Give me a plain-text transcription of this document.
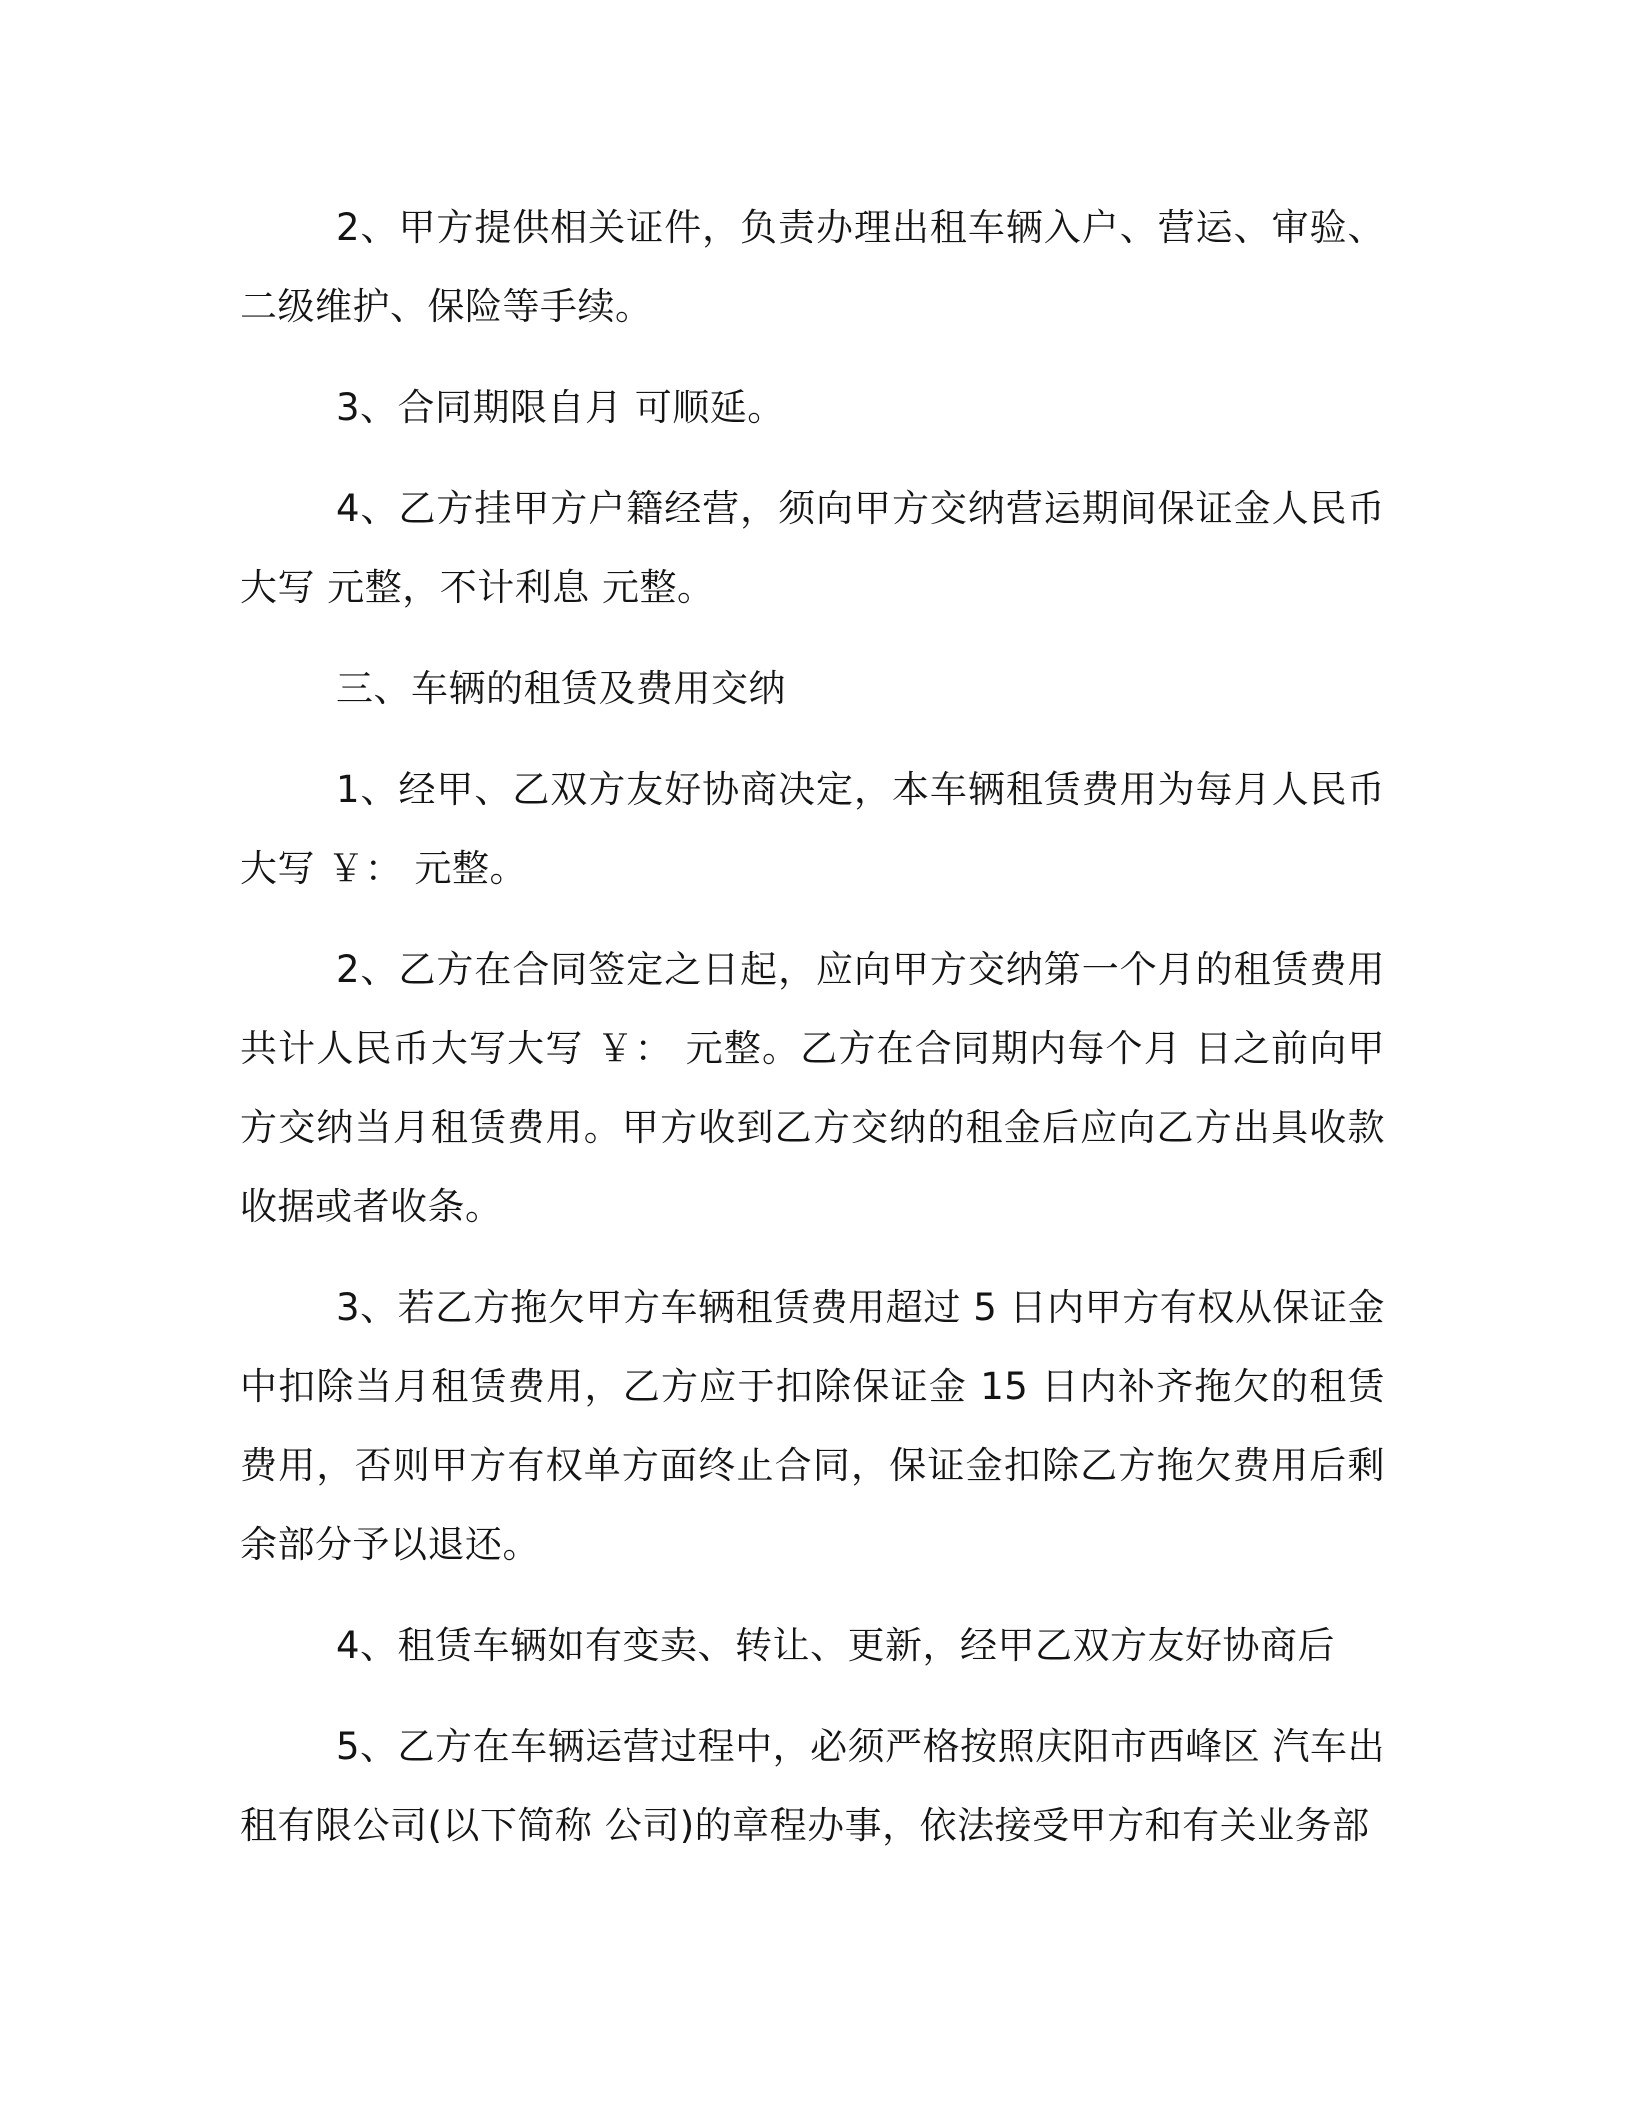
2、甲方提供相关证件，负责办理出租车辆入户、营运、审验、二级维护、保险等手续。

3、合同期限自月 可顺延。

4、乙方挂甲方户籍经营，须向甲方交纳营运期间保证金人民币大写 元整，不计利息 元整。

三、车辆的租赁及费用交纳

1、经甲、乙双方友好协商决定，本车辆租赁费用为每月人民币大写 ￥： 元整。

2、乙方在合同签定之日起，应向甲方交纳第一个月的租赁费用共计人民币大写大写 ￥： 元整。乙方在合同期内每个月 日之前向甲方交纳当月租赁费用。甲方收到乙方交纳的租金后应向乙方出具收款收据或者收条。

3、若乙方拖欠甲方车辆租赁费用超过 5 日内甲方有权从保证金中扣除当月租赁费用，乙方应于扣除保证金 15 日内补齐拖欠的租赁费用，否则甲方有权单方面终止合同，保证金扣除乙方拖欠费用后剩余部分予以退还。

4、租赁车辆如有变卖、转让、更新，经甲乙双方友好协商后

5、乙方在车辆运营过程中，必须严格按照庆阳市西峰区 汽车出租有限公司(以下简称 公司)的章程办事，依法接受甲方和有关业务部
